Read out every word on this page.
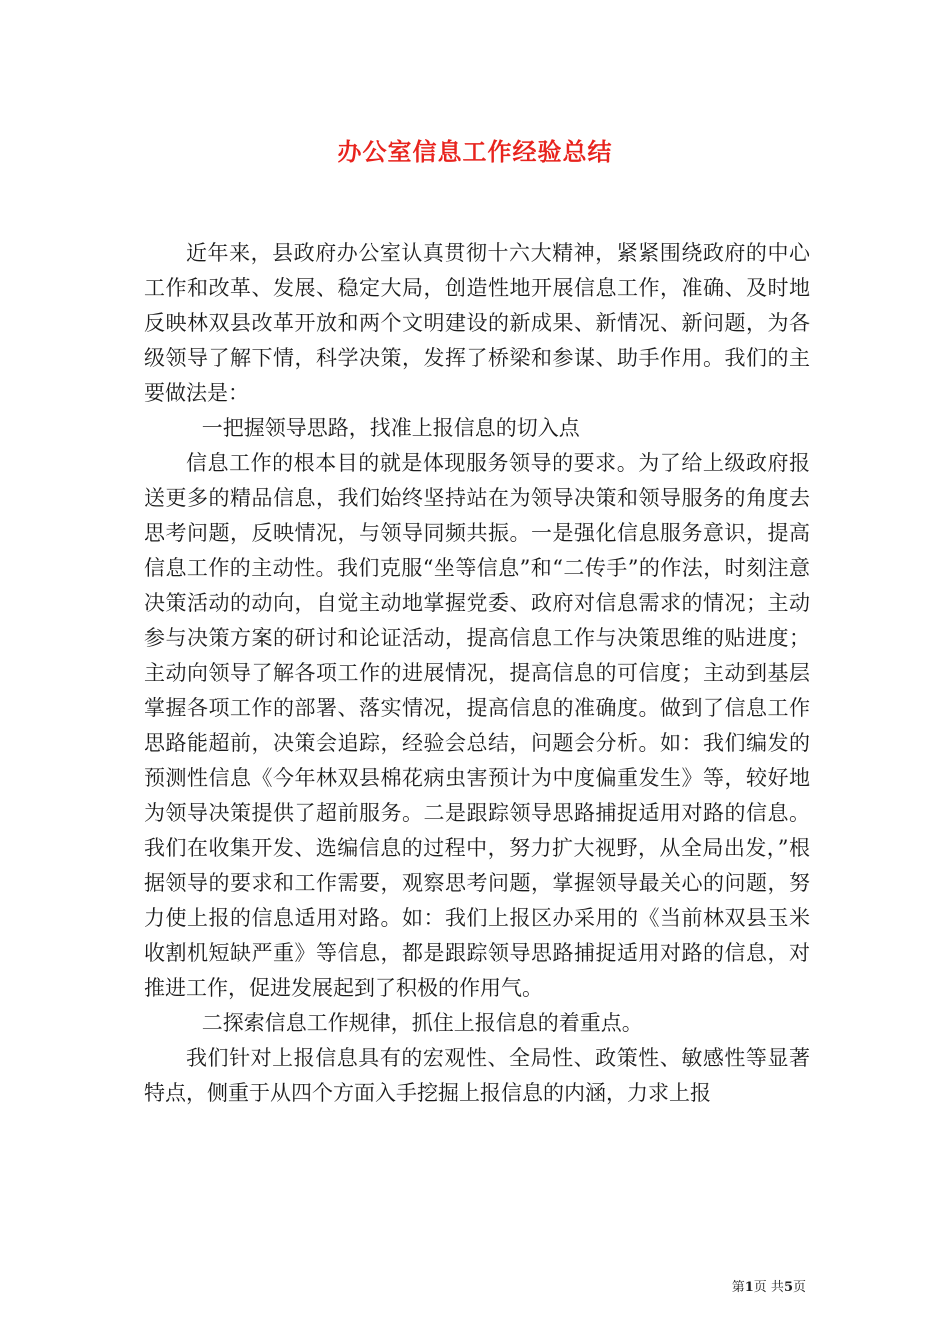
办公室信息工作经验总结

近年来，县政府办公室认真贯彻十六大精神，紧紧围绕政府的中心工作和改革、发展、稳定大局，创造性地开展信息工作，准确、及时地反映林双县改革开放和两个文明建设的新成果、新情况、新问题，为各级领导了解下情，科学决策，发挥了桥梁和参谋、助手作用。我们的主要做法是：

一把握领导思路，找准上报信息的切入点

信息工作的根本目的就是体现服务领导的要求。为了给上级政府报送更多的精品信息，我们始终坚持站在为领导决策和领导服务的角度去思考问题，反映情况，与领导同频共振。一是强化信息服务意识，提高信息工作的主动性。我们克服“坐等信息”和“二传手”的作法，时刻注意决策活动的动向，自觉主动地掌握党委、政府对信息需求的情况；主动参与决策方案的研讨和论证活动，提高信息工作与决策思维的贴进度；主动向领导了解各项工作的进展情况，提高信息的可信度；主动到基层掌握各项工作的部署、落实情况，提高信息的准确度。做到了信息工作思路能超前，决策会追踪，经验会总结，问题会分析。如：我们编发的预测性信息《今年林双县棉花病虫害预计为中度偏重发生》等，较好地为领导决策提供了超前服务。二是跟踪领导思路捕捉适用对路的信息。我们在收集开发、选编信息的过程中，努力扩大视野，从全局出发，”根据领导的要求和工作需要，观察思考问题，掌握领导最关心的问题，努力使上报的信息适用对路。如：我们上报区办采用的《当前林双县玉米收割机短缺严重》等信息，都是跟踪领导思路捕捉适用对路的信息，对推进工作，促进发展起到了积极的作用气。

二探索信息工作规律，抓住上报信息的着重点。

我们针对上报信息具有的宏观性、全局性、政策性、敏感性等显著特点，侧重于从四个方面入手挖掘上报信息的内涵，力求上报

第1页 共5页
